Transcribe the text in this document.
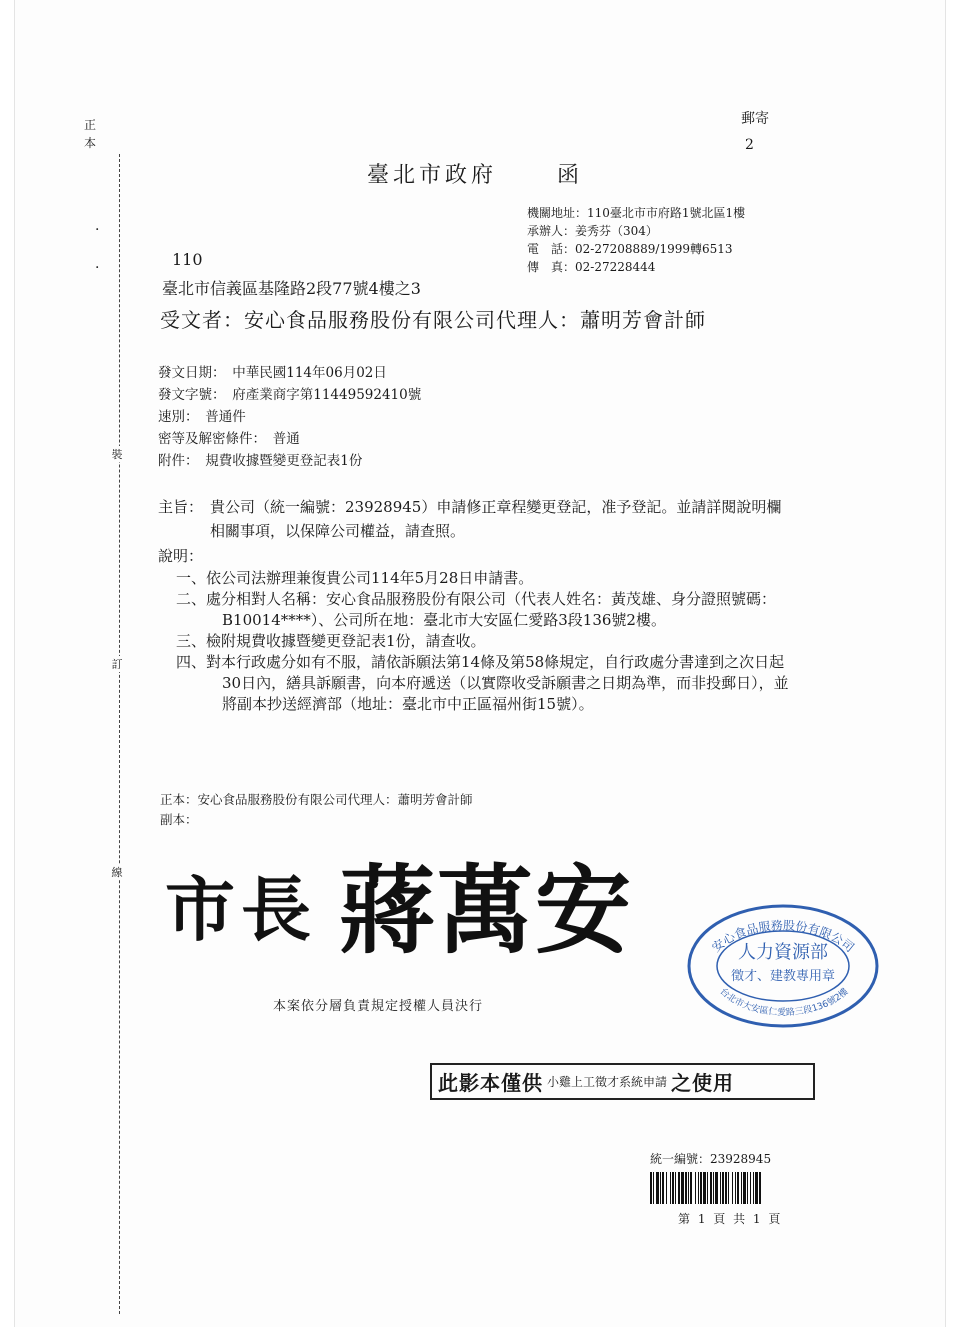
正
本
·
·
裝
訂
線
郵寄
2
臺北市政府	函
機關地址：110臺北市市府路1號北區1樓
承辦人：姜秀芬（304）
電　話：02-27208889/1999轉6513
傳　真：02-27228444
110
臺北市信義區基隆路2段77號4樓之3
受文者：安心食品服務股份有限公司代理人：蕭明芳會計師
發文日期：　中華民國114年06月02日
發文字號：　府產業商字第11449592410號
速別：　普通件
密等及解密條件：　普通
附件：　規費收據暨變更登記表1份
主旨： 貴公司（統一編號：23928945）申請修正章程變更登記，准予登記。並請詳閱說明欄相關事項，以保障公司權益，請查照。
說明：
一、依公司法辦理兼復貴公司114年5月28日申請書。
二、處分相對人名稱：安心食品服務股份有限公司（代表人姓名：黃茂雄、身分證照號碼：B10014****）、公司所在地：臺北市大安區仁愛路3段136號2樓。
三、檢附規費收據暨變更登記表1份，請查收。
四、對本行政處分如有不服，請依訴願法第14條及第58條規定，自行政處分書達到之次日起30日內，繕具訴願書，向本府遞送（以實際收受訴願書之日期為準，而非投郵日），並將副本抄送經濟部（地址：臺北市中正區福州街15號）。
正本：安心食品服務股份有限公司代理人：蕭明芳會計師
副本：
市長 蔣萬安
本案依分層負責規定授權人員決行
安心食品服務股份有限公司
台北市大安區仁愛路三段136號2樓
人力資源部
徵才、建教專用章
此影本僅供 小雞上工徵才系統申請 之使用
統一編號：23928945
第 1 頁 共 1 頁
